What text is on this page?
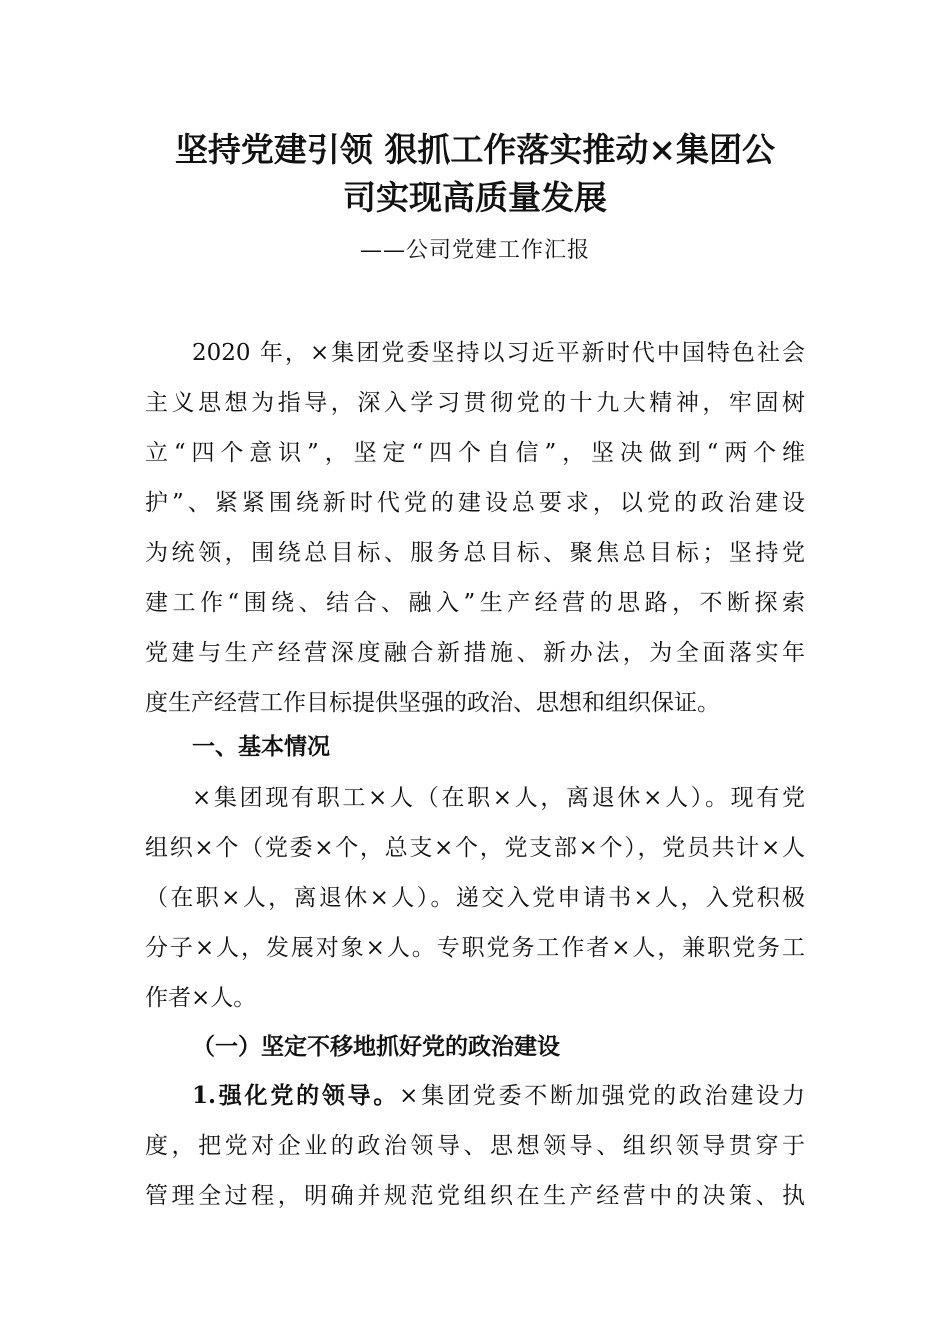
坚持党建引领 狠抓工作落实推动×集团公
司实现高质量发展
——公司党建工作汇报
2020 年，×集团党委坚持以习近平新时代中国特色社会
主义思想为指导，深入学习贯彻党的十九大精神，牢固树
立“四个意识”，坚定“四个自信”，坚决做到“两个维
护”、紧紧围绕新时代党的建设总要求，以党的政治建设
为统领，围绕总目标、服务总目标、聚焦总目标；坚持党
建工作“围绕、结合、融入”生产经营的思路，不断探索
党建与生产经营深度融合新措施、新办法，为全面落实年
度生产经营工作目标提供坚强的政治、思想和组织保证。
一、基本情况
×集团现有职工×人（在职×人，离退休×人）。现有党
组织×个（党委×个，总支×个，党支部×个），党员共计×人
（在职×人，离退休×人）。递交入党申请书×人，入党积极
分子×人，发展对象×人。专职党务工作者×人，兼职党务工
作者×人。
（一）坚定不移地抓好党的政治建设
1.强化党的领导。×集团党委不断加强党的政治建设力
度，把党对企业的政治领导、思想领导、组织领导贯穿于
管理全过程，明确并规范党组织在生产经营中的决策、执
